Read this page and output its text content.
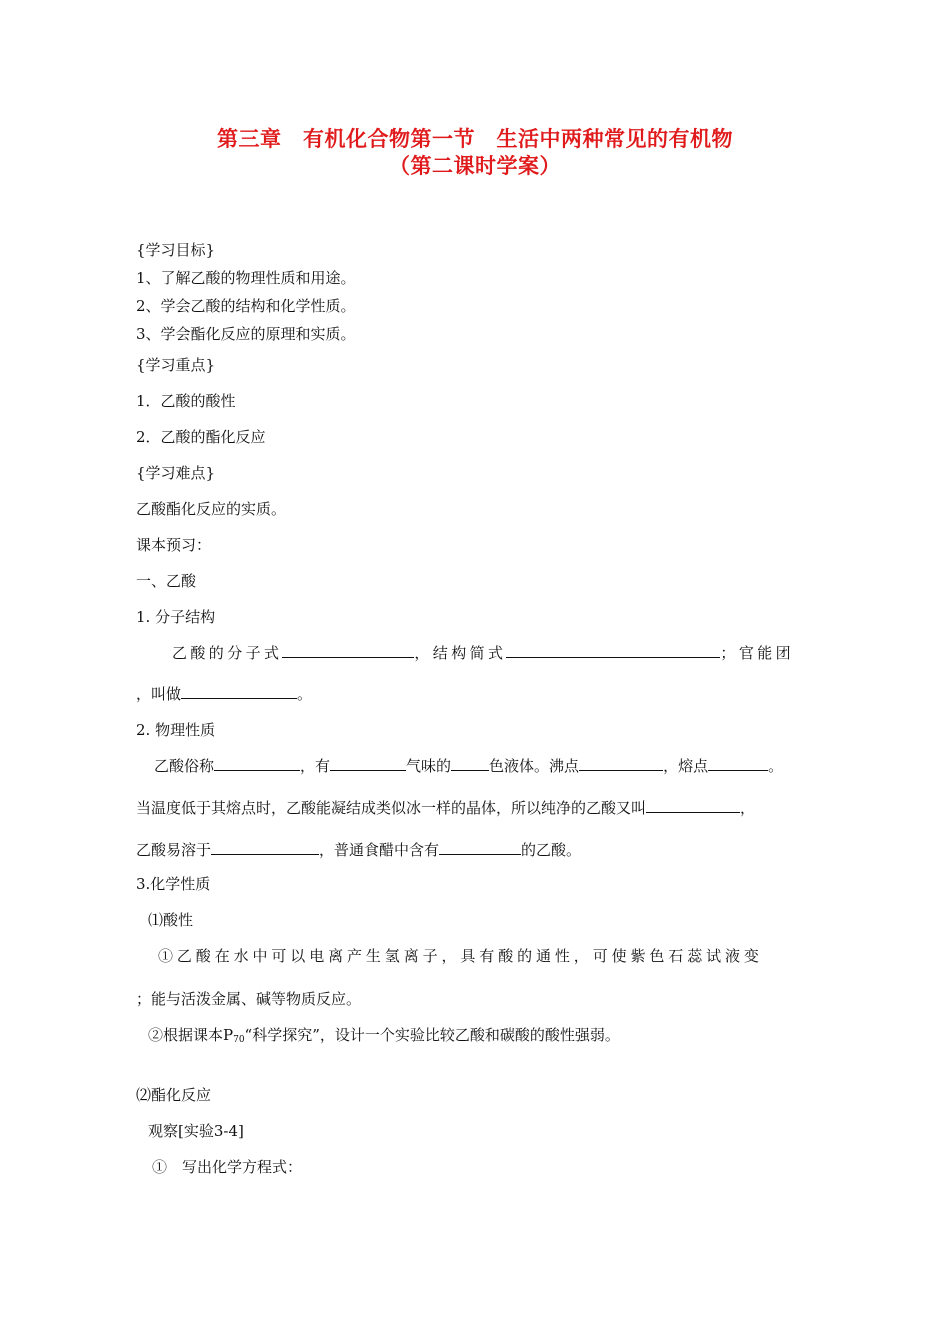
第三章　有机化合物第一节　生活中两种常见的有机物
（第二课时学案）
{学习目标}
1、了解乙酸的物理性质和用途。
2、学会乙酸的结构和化学性质。
3、学会酯化反应的原理和实质。
{学习重点}
1．乙酸的酸性
2．乙酸的酯化反应
{学习难点}
乙酸酯化反应的实质。
课本预习：
一、乙酸
1. 分子结构
乙酸的分子式	，结构简式	；官能团
，叫做	。
2. 物理性质
乙酸俗称	，有	气味的	色液体。沸点	，熔点	。
当温度低于其熔点时，乙酸能凝结成类似冰一样的晶体，所以纯净的乙酸又叫	，
乙酸易溶于	，普通食醋中含有	的乙酸。
3.化学性质
⑴酸性
①乙酸在水中可以电离产生氢离子，具有酸的通性，可使紫色石蕊试液变
；能与活泼金属、碱等物质反应。
②根据课本$P_{70}“$科学探究”，设计一个实验比较乙酸和碳酸的酸性强弱。
⑵酯化反应
观察[实验3-4]
①　写出化学方程式：
